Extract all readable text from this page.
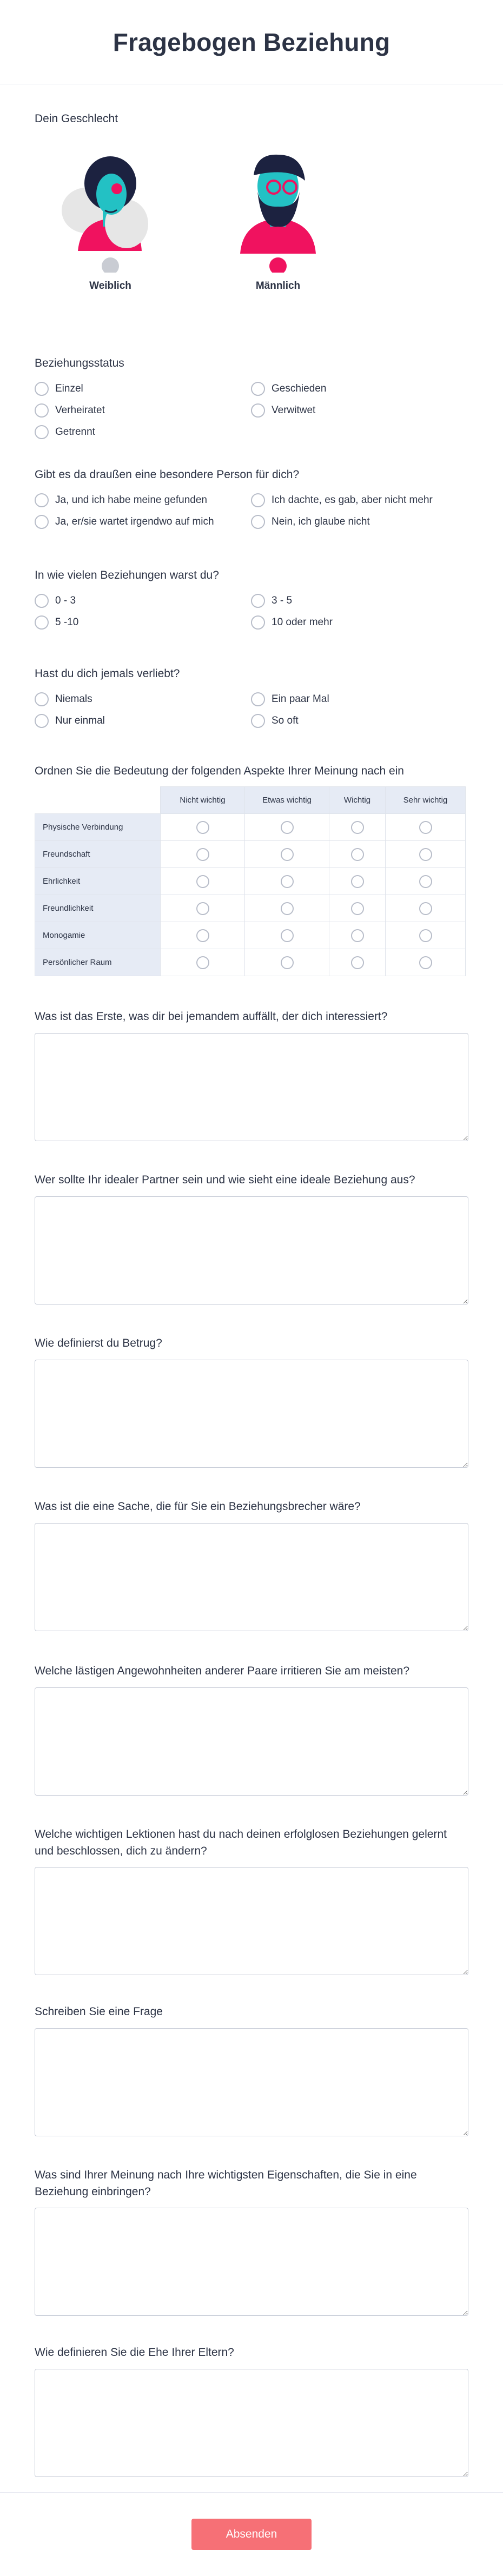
Fragebogen Beziehung
Dein Geschlecht
Weiblich	Männlich
Beziehungsstatus
Einzel	Geschieden
Verheiratet	Verwitwet
Getrennt
Gibt es da draußen eine besondere Person für dich?
Ja, und ich habe meine gefunden	Ich dachte, es gab, aber nicht mehr
Ja, er/sie wartet irgendwo auf mich	Nein, ich glaube nicht
In wie vielen Beziehungen warst du?
0 - 3	3 - 5
5 -10	10 oder mehr
Hast du dich jemals verliebt?
Niemals	Ein paar Mal
Nur einmal	So oft
Ordnen Sie die Bedeutung der folgenden Aspekte Ihrer Meinung nach ein
	Nicht wichtig	Etwas wichtig	Wichtig	Sehr wichtig
Physische Verbindung				
Freundschaft				
Ehrlichkeit				
Freundlichkeit				
Monogamie				
Persönlicher Raum				
Was ist das Erste, was dir bei jemandem auffällt, der dich interessiert?
Wer sollte Ihr idealer Partner sein und wie sieht eine ideale Beziehung aus?
Wie definierst du Betrug?
Was ist die eine Sache, die für Sie ein Beziehungsbrecher wäre?
Welche lästigen Angewohnheiten anderer Paare irritieren Sie am meisten?
Welche wichtigen Lektionen hast du nach deinen erfolglosen Beziehungen gelernt und beschlossen, dich zu ändern?
Schreiben Sie eine Frage
Was sind Ihrer Meinung nach Ihre wichtigsten Eigenschaften, die Sie in eine Beziehung einbringen?
Wie definieren Sie die Ehe Ihrer Eltern?
Absenden
